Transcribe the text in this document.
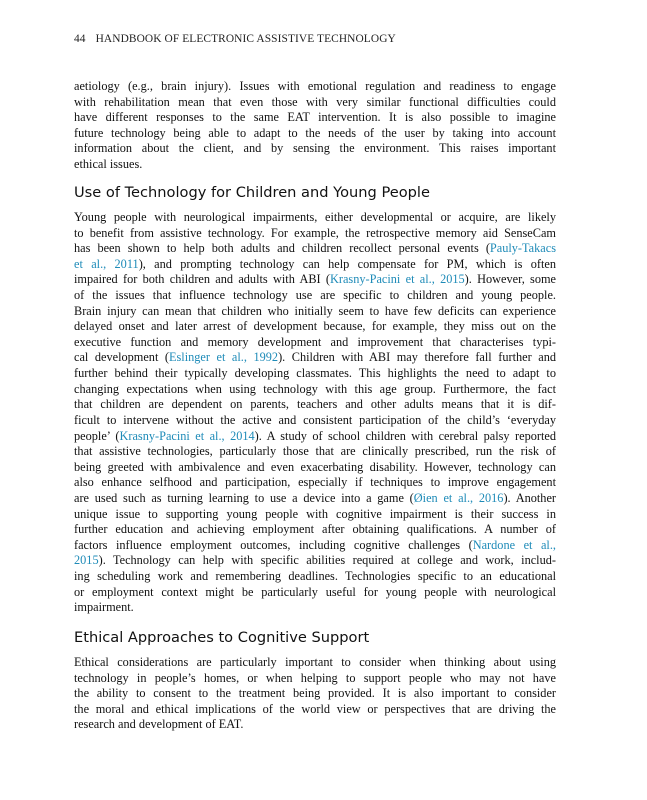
44 HANDBOOK OF ELECTRONIC ASSISTIVE TECHNOLOGY
aetiology (e.g., brain injury). Issues with emotional regulation and readiness to engage
with rehabilitation mean that even those with very similar functional difficulties could
have different responses to the same EAT intervention. It is also possible to imagine
future technology being able to adapt to the needs of the user by taking into account
information about the client, and by sensing the environment. This raises important
ethical issues.
Use of Technology for Children and Young People
Young people with neurological impairments, either developmental or acquire, are likely
to benefit from assistive technology. For example, the retrospective memory aid SenseCam
has been shown to help both adults and children recollect personal events (Pauly-Takacs
et al., 2011), and prompting technology can help compensate for PM, which is often
impaired for both children and adults with ABI (Krasny-Pacini et al., 2015). However, some
of the issues that influence technology use are specific to children and young people.
Brain injury can mean that children who initially seem to have few deficits can experience
delayed onset and later arrest of development because, for example, they miss out on the
executive function and memory development and improvement that characterises typi-
cal development (Eslinger et al., 1992). Children with ABI may therefore fall further and
further behind their typically developing classmates. This highlights the need to adapt to
changing expectations when using technology with this age group. Furthermore, the fact
that children are dependent on parents, teachers and other adults means that it is dif-
ficult to intervene without the active and consistent participation of the child’s ‘everyday
people’ (Krasny-Pacini et al., 2014). A study of school children with cerebral palsy reported
that assistive technologies, particularly those that are clinically prescribed, run the risk of
being greeted with ambivalence and even exacerbating disability. However, technology can
also enhance selfhood and participation, especially if techniques to improve engagement
are used such as turning learning to use a device into a game (Øien et al., 2016). Another
unique issue to supporting young people with cognitive impairment is their success in
further education and achieving employment after obtaining qualifications. A number of
factors influence employment outcomes, including cognitive challenges (Nardone et al.,
2015). Technology can help with specific abilities required at college and work, includ-
ing scheduling work and remembering deadlines. Technologies specific to an educational
or employment context might be particularly useful for young people with neurological
impairment.
Ethical Approaches to Cognitive Support
Ethical considerations are particularly important to consider when thinking about using
technology in people’s homes, or when helping to support people who may not have
the ability to consent to the treatment being provided. It is also important to consider
the moral and ethical implications of the world view or perspectives that are driving the
research and development of EAT.
